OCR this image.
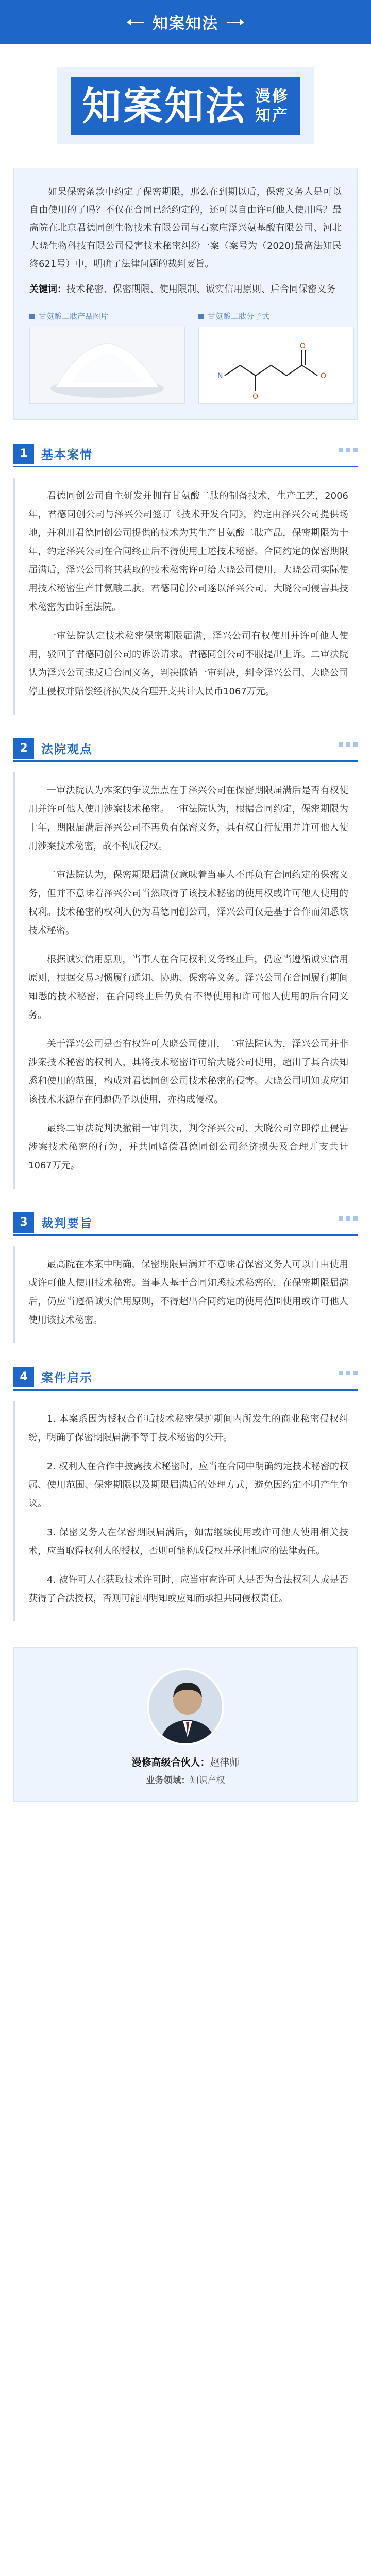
知案知法
知案知法 漫修
知产

如果保密条款中约定了保密期限，那么在到期以后，保密义务人是可以自由使用的了吗？不仅在合同已经约定的，还可以自由许可他人使用吗？最高院在北京君德同创生物技术有限公司与石家庄泽兴氨基酸有限公司、河北大晓生物科技有限公司侵害技术秘密纠纷一案（案号为（2020)最高法知民终621号）中，明确了法律问题的裁判要旨。

关键词：技术秘密、保密期限、使用限制、诚实信用原则、后合同保密义务
甘氨酸二肽产品图片	甘氨酸二肽分子式
N	O
O
O
1	基本案情

君德同创公司自主研发并拥有甘氨酸二肽的制备技术，生产工艺，2006年，君德同创公司与泽兴公司签订《技术开发合同》，约定由泽兴公司提供场地，并利用君德同创公司提供的技术为其生产甘氨酸二肽产品，保密期限为十年，约定泽兴公司在合同终止后不得使用上述技术秘密。合同约定的保密期限届满后，泽兴公司将其获取的技术秘密许可给大晓公司使用，大晓公司实际使用技术秘密生产甘氨酸二肽。君德同创公司遂以泽兴公司、大晓公司侵害其技术秘密为由诉至法院。

一审法院认定技术秘密保密期限届满，泽兴公司有权使用并许可他人使用，驳回了君德同创公司的诉讼请求。君德同创公司不服提出上诉。二审法院认为泽兴公司违反后合同义务，判决撤销一审判决，判令泽兴公司、大晓公司停止侵权并赔偿经济损失及合理开支共计人民币1067万元。

2	法院观点

一审法院认为本案的争议焦点在于泽兴公司在保密期限届满后是否有权使用并许可他人使用涉案技术秘密。一审法院认为，根据合同约定，保密期限为十年，期限届满后泽兴公司不再负有保密义务，其有权自行使用并许可他人使用涉案技术秘密，故不构成侵权。

二审法院认为，保密期限届满仅意味着当事人不再负有合同约定的保密义务，但并不意味着泽兴公司当然取得了该技术秘密的使用权或许可他人使用的权利。技术秘密的权利人仍为君德同创公司，泽兴公司仅是基于合作而知悉该技术秘密。

根据诚实信用原则，当事人在合同权利义务终止后，仍应当遵循诚实信用原则，根据交易习惯履行通知、协助、保密等义务。泽兴公司在合同履行期间知悉的技术秘密，在合同终止后仍负有不得使用和许可他人使用的后合同义务。

关于泽兴公司是否有权许可大晓公司使用，二审法院认为，泽兴公司并非涉案技术秘密的权利人，其将技术秘密许可给大晓公司使用，超出了其合法知悉和使用的范围，构成对君德同创公司技术秘密的侵害。大晓公司明知或应知该技术来源存在问题仍予以使用，亦构成侵权。

最终二审法院判决撤销一审判决，判令泽兴公司、大晓公司立即停止侵害涉案技术秘密的行为，并共同赔偿君德同创公司经济损失及合理开支共计1067万元。

3	裁判要旨

最高院在本案中明确，保密期限届满并不意味着保密义务人可以自由使用或许可他人使用技术秘密。当事人基于合同知悉技术秘密的，在保密期限届满后，仍应当遵循诚实信用原则，不得超出合同约定的使用范围使用或许可他人使用该技术秘密。

4	案件启示

1. 本案系因为授权合作后技术秘密保护期间内所发生的商业秘密侵权纠纷，明确了保密期限届满不等于技术秘密的公开。

2. 权利人在合作中披露技术秘密时，应当在合同中明确约定技术秘密的权属、使用范围、保密期限以及期限届满后的处理方式，避免因约定不明产生争议。

3. 保密义务人在保密期限届满后，如需继续使用或许可他人使用相关技术，应当取得权利人的授权，否则可能构成侵权并承担相应的法律责任。

4. 被许可人在获取技术许可时，应当审查许可人是否为合法权利人或是否获得了合法授权，否则可能因明知或应知而承担共同侵权责任。

漫修高级合伙人：赵律师
业务领域：知识产权
